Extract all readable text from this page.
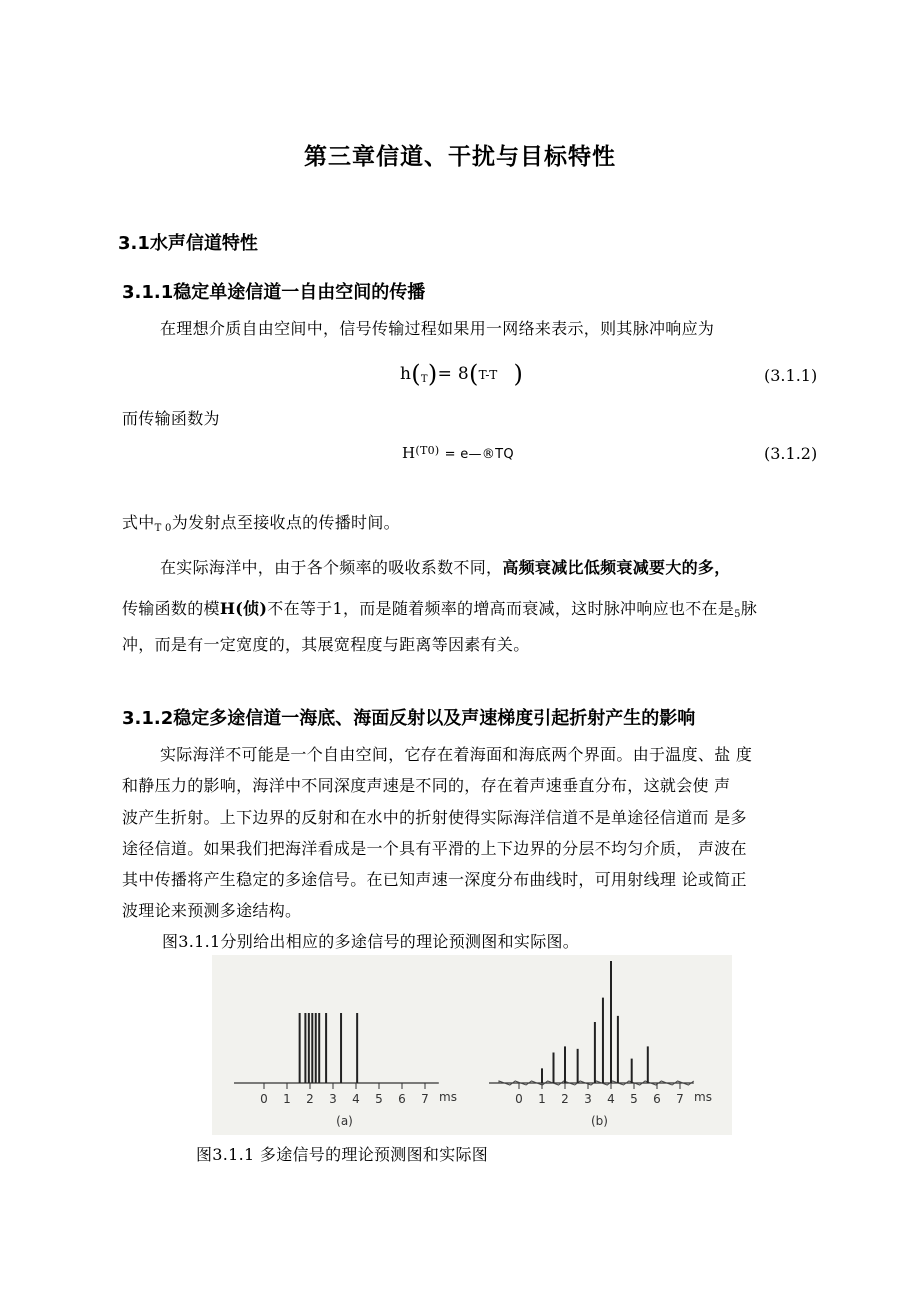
第三章信道、干扰与目标特性
3.1水声信道特性
3.1.1稳定单途信道一自由空间的传播
在理想介质自由空间中，信号传输过程如果用一网络来表示，则其脉冲响应为
$h(_T)= 8(T-T$  )	(3.1.1)
而传输函数为
$H^{(T0)}$ = e—®TQ	(3.1.2)
式中$_{T 0}$为发射点至接收点的传播时间。
在实际海洋中，由于各个频率的吸收系数不同，高频衰减比低频衰减要大的多，
传输函数的模H(侦)不在等于1，而是随着频率的增高而衰减，这时脉冲响应也不在是$_5$脉
冲，而是有一定宽度的，其展宽程度与距离等因素有关。
3.1.2稳定多途信道一海底、海面反射以及声速梯度引起折射产生的影响
实际海洋不可能是一个自由空间，它存在着海面和海底两个界面。由于温度、盐 度
和静压力的影响，海洋中不同深度声速是不同的，存在着声速垂直分布，这就会使 声
波产生折射。上下边界的反射和在水中的折射使得实际海洋信道不是单途径信道而 是多
途径信道。如果我们把海洋看成是一个具有平滑的上下边界的分层不均匀介质， 声波在
其中传播将产生稳定的多途信号。在已知声速一深度分布曲线时，可用射线理 论或简正
波理论来预测多途结构。
图3.1.1分别给出相应的多途信号的理论预测图和实际图。
0 1 2 3 4 5 6 7 ms
(a)
0 1 2 3 4 5 6 7 ms
(b)
图3.1.1 多途信号的理论预测图和实际图
